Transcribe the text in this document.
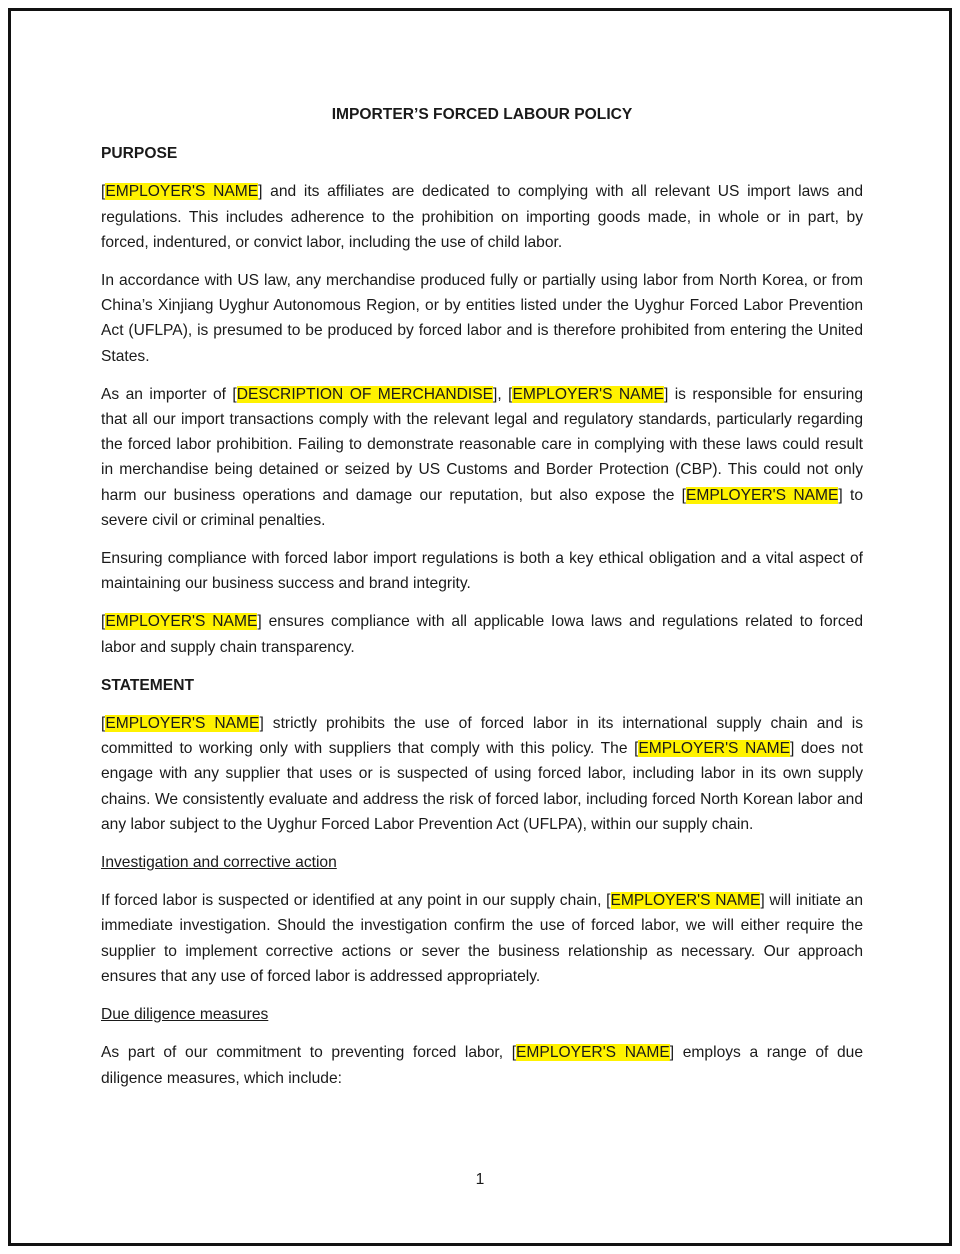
IMPORTER’S FORCED LABOUR POLICY
PURPOSE

[EMPLOYER'S NAME] and its affiliates are dedicated to complying with all relevant US import laws and regulations. This includes adherence to the prohibition on importing goods made, in whole or in part, by forced, indentured, or convict labor, including the use of child labor.

In accordance with US law, any merchandise produced fully or partially using labor from North Korea, or from China’s Xinjiang Uyghur Autonomous Region, or by entities listed under the Uyghur Forced Labor Prevention Act (UFLPA), is presumed to be produced by forced labor and is therefore prohibited from entering the United States.

As an importer of [DESCRIPTION OF MERCHANDISE], [EMPLOYER'S NAME] is responsible for ensuring that all our import transactions comply with the relevant legal and regulatory standards, particularly regarding the forced labor prohibition. Failing to demonstrate reasonable care in complying with these laws could result in merchandise being detained or seized by US Customs and Border Protection (CBP). This could not only harm our business operations and damage our reputation, but also expose the [EMPLOYER'S NAME] to severe civil or criminal penalties.

Ensuring compliance with forced labor import regulations is both a key ethical obligation and a vital aspect of maintaining our business success and brand integrity.

[EMPLOYER'S NAME] ensures compliance with all applicable Iowa laws and regulations related to forced labor and supply chain transparency.

STATEMENT

[EMPLOYER'S NAME] strictly prohibits the use of forced labor in its international supply chain and is committed to working only with suppliers that comply with this policy. The [EMPLOYER'S NAME] does not engage with any supplier that uses or is suspected of using forced labor, including labor in its own supply chains. We consistently evaluate and address the risk of forced labor, including forced North Korean labor and any labor subject to the Uyghur Forced Labor Prevention Act (UFLPA), within our supply chain.

Investigation and corrective action

If forced labor is suspected or identified at any point in our supply chain, [EMPLOYER'S NAME] will initiate an immediate investigation. Should the investigation confirm the use of forced labor, we will either require the supplier to implement corrective actions or sever the business relationship as necessary. Our approach ensures that any use of forced labor is addressed appropriately.

Due diligence measures

As part of our commitment to preventing forced labor, [EMPLOYER'S NAME] employs a range of due diligence measures, which include:

1
